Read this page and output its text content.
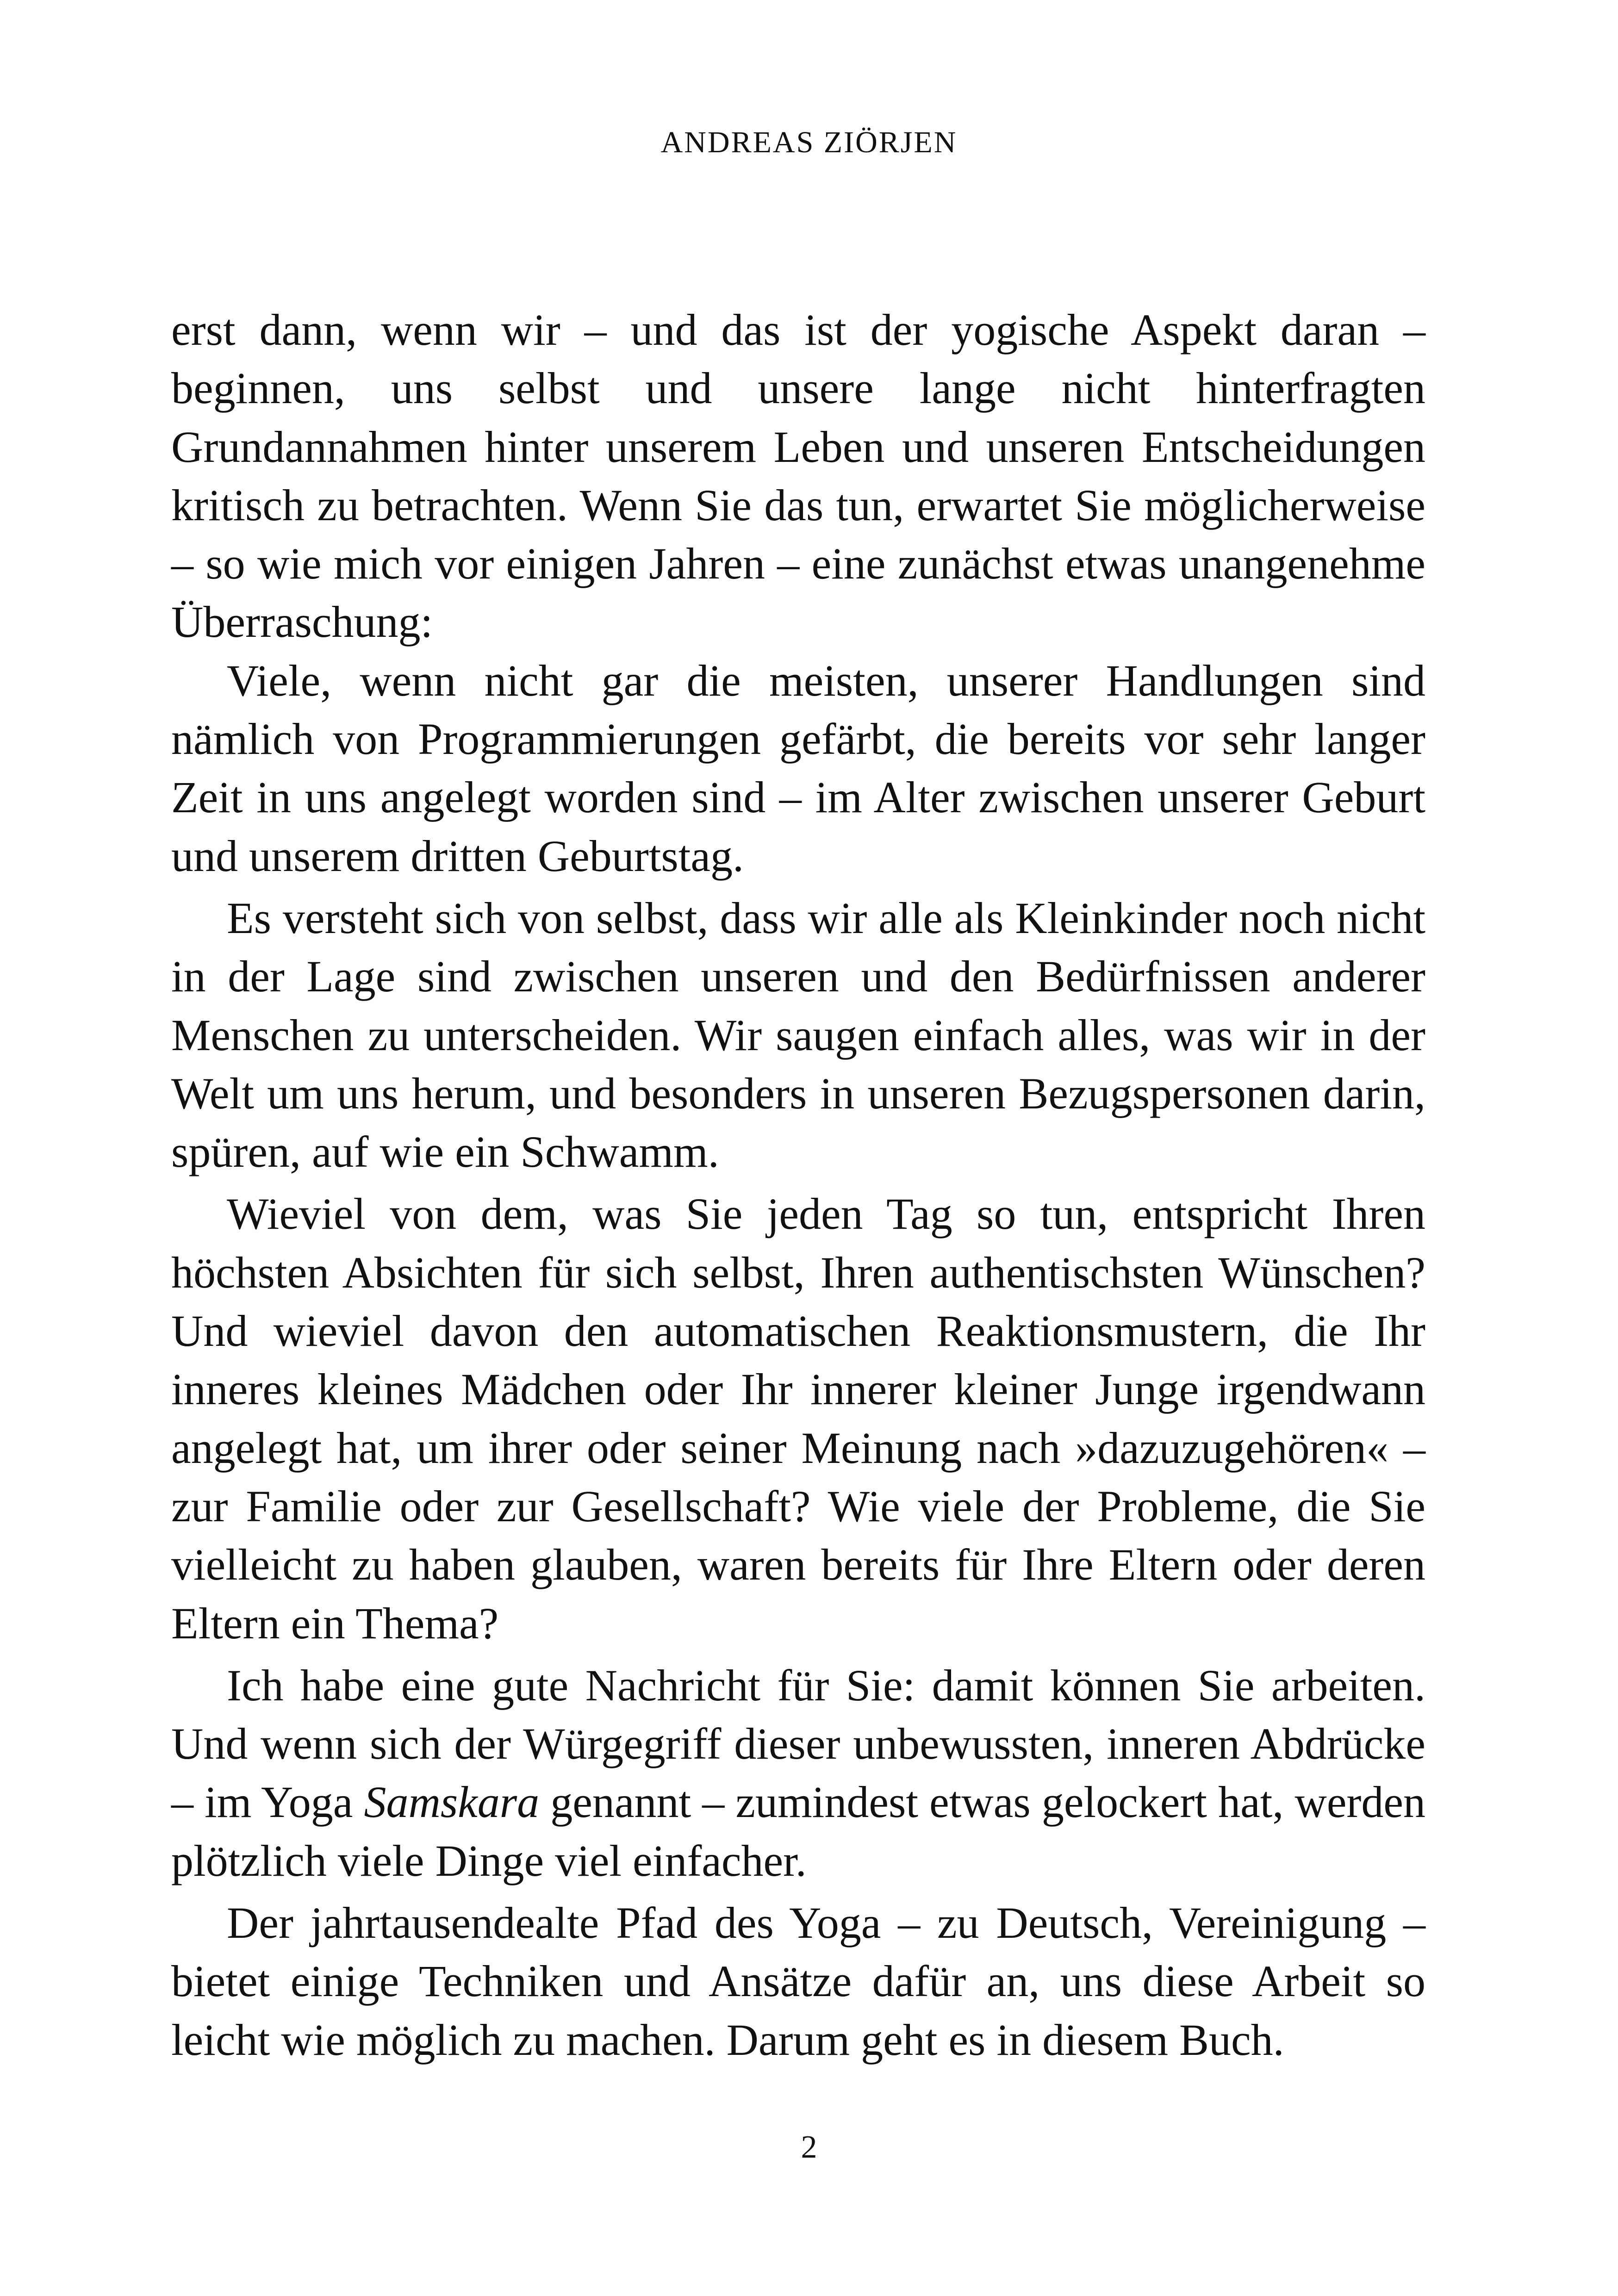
ANDREAS ZIÖRJEN

erst dann, wenn wir – und das ist der yogische Aspekt daran – beginnen, uns selbst und unsere lange nicht hinterfragten Grundannahmen hinter unserem Leben und unseren Entscheidungen kritisch zu betrachten. Wenn Sie das tun, erwartet Sie möglicherweise – so wie mich vor einigen Jahren – eine zunächst etwas unangenehme Überraschung:

Viele, wenn nicht gar die meisten, unserer Handlungen sind nämlich von Programmierungen gefärbt, die bereits vor sehr langer Zeit in uns angelegt worden sind – im Alter zwischen unserer Geburt und unserem dritten Geburtstag.

Es versteht sich von selbst, dass wir alle als Kleinkinder noch nicht in der Lage sind zwischen unseren und den Bedürfnissen anderer Menschen zu unterscheiden. Wir saugen einfach alles, was wir in der Welt um uns herum, und besonders in unseren Bezugspersonen darin, spüren, auf wie ein Schwamm.

Wieviel von dem, was Sie jeden Tag so tun, entspricht Ihren höchsten Absichten für sich selbst, Ihren authentischsten Wünschen? Und wieviel davon den automatischen Reaktionsmustern, die Ihr inneres kleines Mädchen oder Ihr innerer kleiner Junge irgendwann angelegt hat, um ihrer oder seiner Meinung nach »dazuzugehören« – zur Familie oder zur Gesellschaft? Wie viele der Probleme, die Sie vielleicht zu haben glauben, waren bereits für Ihre Eltern oder deren Eltern ein Thema?

Ich habe eine gute Nachricht für Sie: damit können Sie arbeiten. Und wenn sich der Würgegriff dieser unbewussten, inneren Abdrücke – im Yoga Samskara genannt – zumindest etwas gelockert hat, werden plötzlich viele Dinge viel einfacher.

Der jahrtausendealte Pfad des Yoga – zu Deutsch, Vereinigung – bietet einige Techniken und Ansätze dafür an, uns diese Arbeit so leicht wie möglich zu machen. Darum geht es in diesem Buch.

2
